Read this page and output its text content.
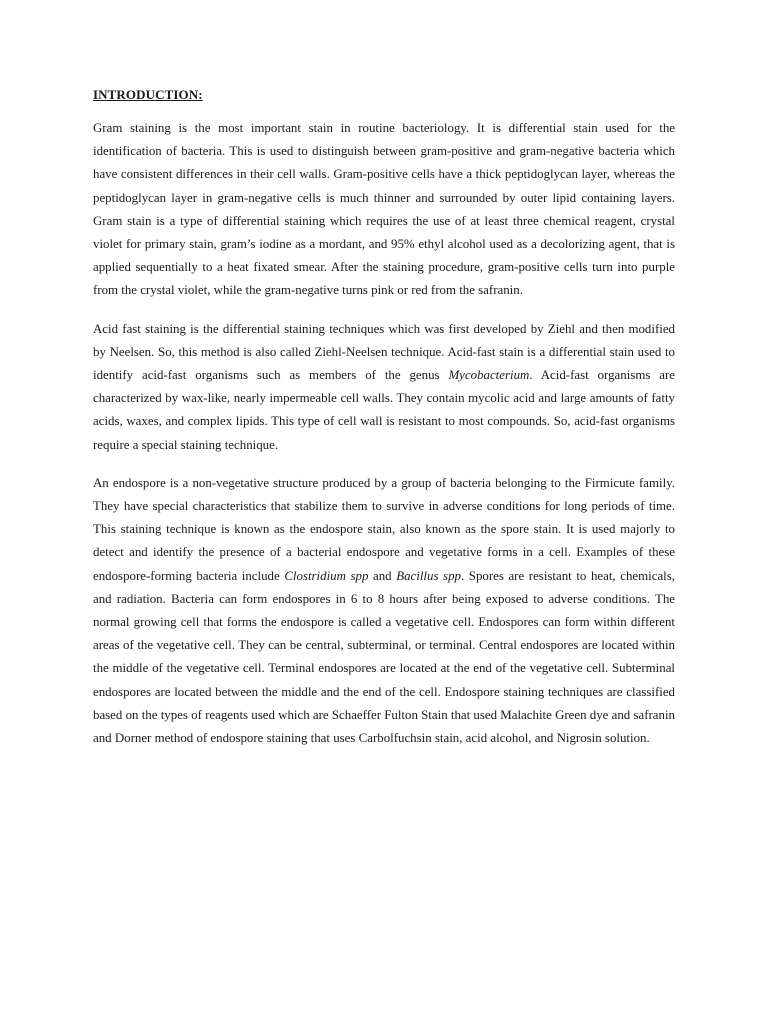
INTRODUCTION:

Gram staining is the most important stain in routine bacteriology. It is differential stain used for the identification of bacteria. This is used to distinguish between gram-positive and gram-negative bacteria which have consistent differences in their cell walls. Gram-positive cells have a thick peptidoglycan layer, whereas the peptidoglycan layer in gram-negative cells is much thinner and surrounded by outer lipid containing layers. Gram stain is a type of differential staining which requires the use of at least three chemical reagent, crystal violet for primary stain, gram’s iodine as a mordant, and 95% ethyl alcohol used as a decolorizing agent, that is applied sequentially to a heat fixated smear. After the staining procedure, gram-positive cells turn into purple from the crystal violet, while the gram-negative turns pink or red from the safranin.

Acid fast staining is the differential staining techniques which was first developed by Ziehl and then modified by Neelsen. So, this method is also called Ziehl-Neelsen technique. Acid-fast stain is a differential stain used to identify acid-fast organisms such as members of the genus Mycobacterium. Acid-fast organisms are characterized by wax-like, nearly impermeable cell walls. They contain mycolic acid and large amounts of fatty acids, waxes, and complex lipids. This type of cell wall is resistant to most compounds. So, acid-fast organisms require a special staining technique.

An endospore is a non-vegetative structure produced by a group of bacteria belonging to the Firmicute family. They have special characteristics that stabilize them to survive in adverse conditions for long periods of time. This staining technique is known as the endospore stain, also known as the spore stain. It is used majorly to detect and identify the presence of a bacterial endospore and vegetative forms in a cell. Examples of these endospore-forming bacteria include Clostridium spp and Bacillus spp. Spores are resistant to heat, chemicals, and radiation. Bacteria can form endospores in 6 to 8 hours after being exposed to adverse conditions. The normal growing cell that forms the endospore is called a vegetative cell. Endospores can form within different areas of the vegetative cell. They can be central, subterminal, or terminal. Central endospores are located within the middle of the vegetative cell. Terminal endospores are located at the end of the vegetative cell. Subterminal endospores are located between the middle and the end of the cell. Endospore staining techniques are classified based on the types of reagents used which are Schaeffer Fulton Stain that used Malachite Green dye and safranin and Dorner method of endospore staining that uses Carbolfuchsin stain, acid alcohol, and Nigrosin solution.
